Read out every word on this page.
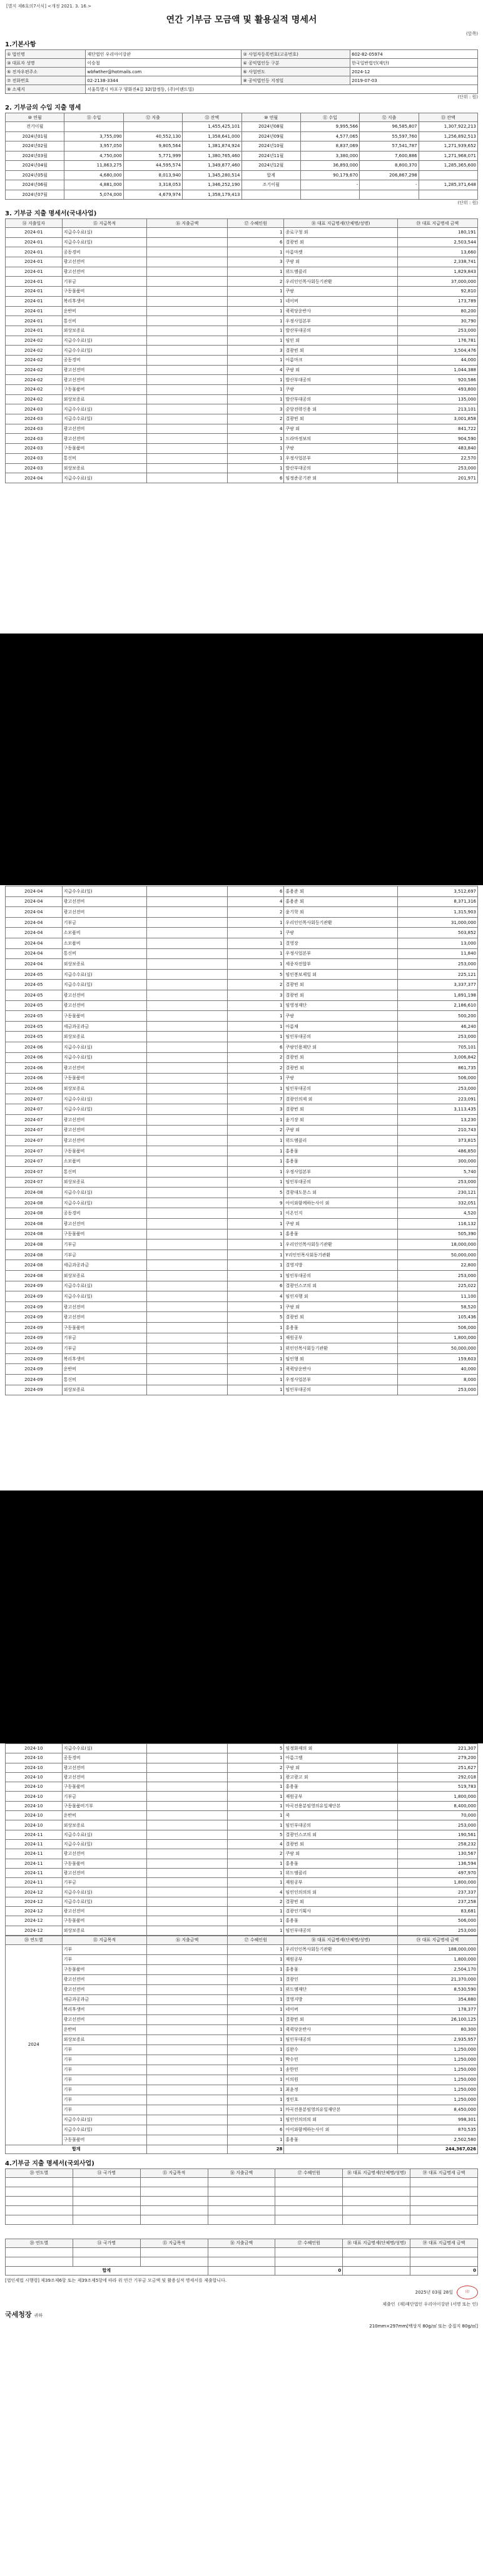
[별지 제6호의7서식] <개정 2021. 3. 16.>
연간 기부금 모금액 및 활용실적 명세서
(앞쪽)
1.기본사항
① 법인명	재단법인 우리아이강판	② 사업자등록번호(고유번호)	602-82-05974
③ 대표자 성명	이승철	④ 공익법인등 구분	한국일반법인(재단)
⑤ 전자우편주소	wbfwther@hotmails.com	⑥ 사업연도	2024-12
⑦ 전화번호	02-2138-3344	⑧ 공익법인등 지정일	2019-07-03
⑨ 소재지	서울특별시 마포구 양화진4길 32(합정동, (주)이랜드빌)		
(단위 : 원)
2. 기부금의 수입 지출 명세
⑩ 연월	⑪ 수입	⑫ 지출	⑬ 잔액	⑩ 연월	⑪ 수입	⑫ 지출	⑬ 잔액
전기이월			1,455,425,101	2024년08월	9,995,566	96,585,807	1,307,922,213
2024년01월	3,755,090	40,552,130	1,358,641,000	2024년09월	4,577,065	55,597,760	1,256,892,513
2024년02월	3,957,050	9,805,564	1,381,874,924	2024년10월	8,837,069	57,541,787	1,271,939,652
2024년03월	4,750,000	5,771,999	1,380,765,460	2024년11월	3,380,000	7,600,886	1,271,968,071
2024년04월	11,863,275	44,595,574	1,349,877,460	2024년12월	36,893,000	8,800,370	1,285,365,600
2024년05월	4,680,000	8,013,940	1,345,280,514	합계	90,179,670	206,867,298	
2024년06월	4,881,000	3,318,053	1,346,252,190	조기이월	-	-	1,285,371,648
2024년07월	5,074,000	4,679,974	1,358,179,413				
(단위 : 원)
3. 기부금 지출 명세서(국내사업)
⑭ 지출일자	⑮ 지급목적	⑯ 지출금액	⑰ 수혜인원	⑱ 대표 지급명세(단체명/성명)	⑲ 대표 지급명세 금액
2024-01	지급수수료(실)		1	종로구청 외	180,191
2024-01	지급수수료(일)		6	결광빈 외	2,503,544
2024-01	공동경비		1	아름마켓	13,660
2024-01	광고선전비		3	쿠팡 외	2,338,741
2024-01	광고선전비		1	위드엠클리	1,829,843
2024-01	기부금		2	우리인인목사회등기관환	37,000,000
2024-01	구동물품비		1	쿠팡	92,810
2024-01	복리후생비		1	네이버	173,789
2024-01	운반비		1	퀵퀵당운반사	80,200
2024-01	통신비		1	우정사업본부	30,790
2024-01	외상보증료		1	발산부대공의	253,000
2024-02	지급수수료(실)		1	임인 외	176,781
2024-02	지급수수료(일)		3	결광빈 외	3,504,476
2024-02	공동경비		1	아름마크	44,000
2024-02	광고선전비		4	쿠팡 외	1,044,388
2024-02	광고선전비		1	발산부대공의	920,586
2024-02	구동물품비		1	쿠팡	493,800
2024-02	외상보증료		1	발산부대공의	135,000
2024-03	지급수수료(실)		3	중앙전략신용 외	213,101
2024-03	지급수수료(일)		2	결광빈 외	3,001,858
2024-03	광고선전비		4	쿠팡 외	841,722
2024-03	광고선전비		1	드라마정보의	904,590
2024-03	구동물품비		1	쿠팡	483,840
2024-03	통신비		1	우정사업본부	22,570
2024-03	외상보증료		1	발산부대공의	253,000
2024-04	지급수수료(실)		6	임정준공기관 외	201,971
2024-04	지급수수료(일)		6	홍용준 외	3,512,697
2024-04	광고선전비		4	홍용준 외	8,371,316
2024-04	광고선전비		2	윤기학 외	1,315,903
2024-04	기부금		1	우리인인목사회등기관환	31,000,000
2024-04	소모품비		1	쿠팡	503,852
2024-04	소모품비		1	결영장	13,000
2024-04	통신비		1	우정사업본부	11,840
2024-04	외상보증료		1	세종자전합부	253,000
2024-05	지급수수료(실)		5	임인봉보제일 외	225,121
2024-05	지급수수료(일)		2	결광빈 외	3,337,377
2024-05	광고선전비		3	결광빈 외	1,891,198
2024-05	광고선전비		1	임영정재단	2,186,610
2024-05	구동물품비		1	쿠팡	500,200
2024-05	세금과공과금		1	아름채	46,240
2024-05	외상보증료		1	임인부대공의	253,000
2024-06	지급수수료(실)		6	쿠팡인용재단 외	705,101
2024-06	지급수수료(일)		2	결광빈 외	3,006,842
2024-06	광고선전비		2	결광빈 외	861,735
2024-06	구동물품비		1	쿠팡	506,000
2024-06	외상보증료		1	임인부대공의	253,000
2024-07	지급수수료(실)		7	결광인의제 외	223,091
2024-07	지급수수료(일)		3	결광빈 외	3,113,435
2024-07	광고선전비		1	윤기장 외	13,230
2024-07	광고선전비		2	쿠팡 외	210,743
2024-07	광고선전비		1	위드엠클리	373,815
2024-07	구동물품비		1	홍용물	486,850
2024-07	소모품비		1	홍용물	300,000
2024-07	통신비		1	우정사업본부	5,740
2024-07	외상보증료		1	임인부대공의	253,000
2024-08	지급수수료(실)		5	결광대도문스 외	230,121
2024-08	지급수수료(일)		9	아이와함께하는사이 외	332,051
2024-08	공동경비		1	이온인지	4,520
2024-08	광고선전비		1	쿠팡 외	116,132
2024-08	구동물품비		1	홍용물	505,390
2024-08	기부금		1	우리인인목사회등기관환	18,000,000
2024-08	기부금		1	Y리인인목사회동기관환	50,000,000
2024-08	세금과공과금		1	결영지방	22,800
2024-08	외상보증료		1	임인부대공의	253,000
2024-09	지급수수료(실)		6	결광인스코의 외	225,022
2024-09	지급수수료(일)		4	임인자행 외	11,100
2024-09	광고선전비		1	쿠팡 외	58,520
2024-09	광고선전비		5	결광빈 외	105,436
2024-09	구동물품비		1	홍용물	506,000
2024-09	기부금		1	재원공부	1,800,000
2024-09	기부금		1	위인인목사회등기관환	50,000,000
2024-09	복리후생비		1	임인행 외	159,603
2024-09	운반비		1	퀵퀵당운반사	40,000
2024-09	통신비		1	우정사업본부	8,000
2024-09	외상보증료		1	임인부대공의	253,000
2024-10	지급수수료(실)		5	임정화재의 외	221,307
2024-10	공동경비		1	아름그램	279,200
2024-10	광고선전비		2	쿠팡 외	251,627
2024-10	광고선전비		1	광고광고 외	292,018
2024-10	구동물품비		1	홍용물	519,783
2024-10	기부금		1	재원공부	1,800,000
2024-10	구동물품비기부		1	마곡전용분임영의유일재단본	8,400,000
2024-10	운반비		1	쿡	70,000
2024-10	외상보증료		1	임인부대공의	253,000
2024-11	지급수수료(실)		5	결광인스코의 외	190,561
2024-11	지급수수료(일)		4	결광빈 외	258,232
2024-11	광고선전비		2	쿠팡 외	130,567
2024-11	구동물품비		1	홍용물	136,594
2024-11	광고선전비		1	위드엠클리	497,970
2024-11	기부금		1	재원공부	1,800,000
2024-12	지급수수료(실)		4	임인인의의의 외	237,337
2024-12	지급수수료(일)		2	결광빈 외	237,258
2024-12	광고선전비		1	결광인기획사	83,681
2024-12	구동물품비		1	홍용물	506,000
2024-12	외상보증료		1	임인부대공의	253,000
⑳ 연도별	⑮ 지급목적	⑯ 지출금액	⑰ 수혜인원	⑱ 대표 지급명세(단체명/성명)	⑲ 대표 지급명세 금액
2024	기부		1	우리인인목사회등기관환	188,000,000
	기부		1	재원공부	1,800,000
	구동물품비		1	홍용물	2,504,170
	광고선전비		1	결광인	21,370,000
	광고선전비		1	위드엠재단	8,530,590
	세금과공과금		1	결영지방	354,880
	복리후생비		1	네이버	178,377
	광고선전비		1	결광빈 외	26,100,125
	운반비		1	퀵퀵당운반사	80,300
	외상보증료		1	임인부대공의	2,935,957
	기부		1	김완수	1,250,000
	기부		1	박수민	1,250,000
	기부		1	송한민	1,250,000
	기부		1	이의원	1,250,000
	기부		1	최윤정	1,250,000
	기부		1	정인호	1,250,000
	기부		1	마곡전용분임영의유일재단본	8,450,000
	지급수수료(실)		1	임인인의의의 외	998,301
	지급수수료(일)		6	아이와함께하는사이 외	870,535
	구동물품비		1	홍용물	2,502,580
합계			28		244,367,026
4.기부금 지출 명세서(국외사업)
⑳ 연도별	⑭ 국가명	⑮ 지급목적	⑯ 지출금액	⑰ 수혜인원	⑱ 대표 지급명세(단체명/성명)	⑲ 대표 지급명세 금액

⑳ 연도별	⑭ 국가명	⑮ 지급목적	⑯ 지출금액	⑰ 수혜인원	⑱ 대표 지급명세(단체명/성명)	⑲ 대표 지급명세 금액

합계				0		0
[법인세법 시행령] 제39조제6항 또는 제39조제5항에 따라 위 연간 기부금 모금액 및 활용실적 명세서를 제출합니다.
2025년 03월 28일	印
제출인 (재)재단법인 우리아이강판 (서명 또는 인)
국세청장 귀하
210mm×297mm[백상지 80g/㎡ 또는 중질지 80g/㎡]
